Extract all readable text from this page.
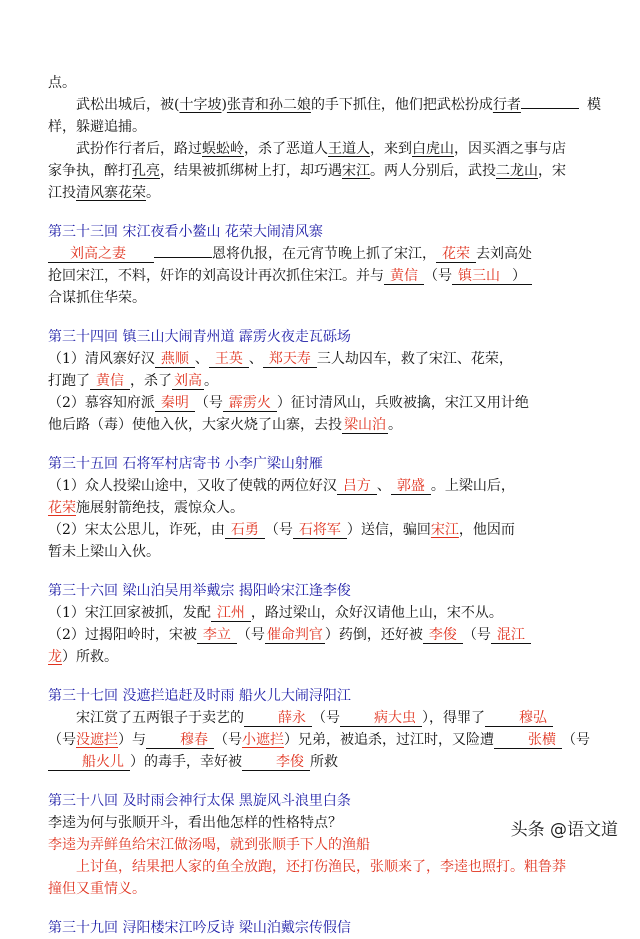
点。

武松出城后，被(十字坡)张青和孙二娘的手下抓住，他们把武松扮成行者	模
样，躲避追捕。

武扮作行者后，路过蜈蚣岭，杀了恶道人王道人，来到白虎山，因买酒之事与店
家争执，醉打孔亮，结果被抓绑树上打，却巧遇宋江。两人分别后，武投二龙山，宋
江投清风寨花荣。

第三十三回 宋江夜看小鳌山 花荣大闹清风寨

刘高之妻	恩将仇报，在元宵节晚上抓了宋江， 花荣 去刘高处
抢回宋江，不料，奸诈的刘高设计再次抓住宋江。并与 黄信 （号 镇三山 ）
合谋抓住华荣。

第三十四回 镇三山大闹青州道 霹雳火夜走瓦砾场

（1）清风寨好汉 燕顺 、 王英 、 郑天寿 三人劫囚车，救了宋江、花荣，
打跑了 黄信 ，杀了 刘高 。

（2）慕容知府派 秦明 （号 霹雳火 ）征讨清风山，兵败被擒，宋江又用计绝
他后路（毒）使他入伙，大家火烧了山寨，去投 梁山泊 。

第三十五回 石将军村店寄书 小李广梁山射雁

（1）众人投梁山途中，又收了使戟的两位好汉 吕方 、 郭盛 。上梁山后，
花荣施展射箭绝技，震惊众人。

（2）宋太公思儿，诈死，由 石勇 （号 石将军 ）送信，骗回宋江，他因而
暂未上梁山入伙。

第三十六回 梁山泊吴用举戴宗 揭阳岭宋江逢李俊

（1）宋江回家被抓，发配 江州 ，路过梁山，众好汉请他上山，宋不从。

（2）过揭阳岭时，宋被 李立 （号 催命判官 ）药倒，还好被 李俊 （号 混江
龙）所救。

第三十七回 没遮拦追赶及时雨 船火儿大闹浔阳江

宋江赏了五两银子于卖艺的 薛永 （号 病大虫 ），得罪了 穆弘
（号没遮拦）与 穆春 （号小遮拦）兄弟，被追杀，过江时，又险遭 张横 （号
船火儿 ）的毒手，幸好被 李俊 所救

第三十八回 及时雨会神行太保 黑旋风斗浪里白条

李逵为何与张顺开斗，看出他怎样的性格特点？

李逵为弄鲜鱼给宋江做汤喝，就到张顺手下人的渔船

上讨鱼，结果把人家的鱼全放跑，还打伤渔民，张顺来了，李逵也照打。粗鲁莽

撞但又重情义。

第三十九回 浔阳楼宋江吟反诗 梁山泊戴宗传假信

头条 @语文道
